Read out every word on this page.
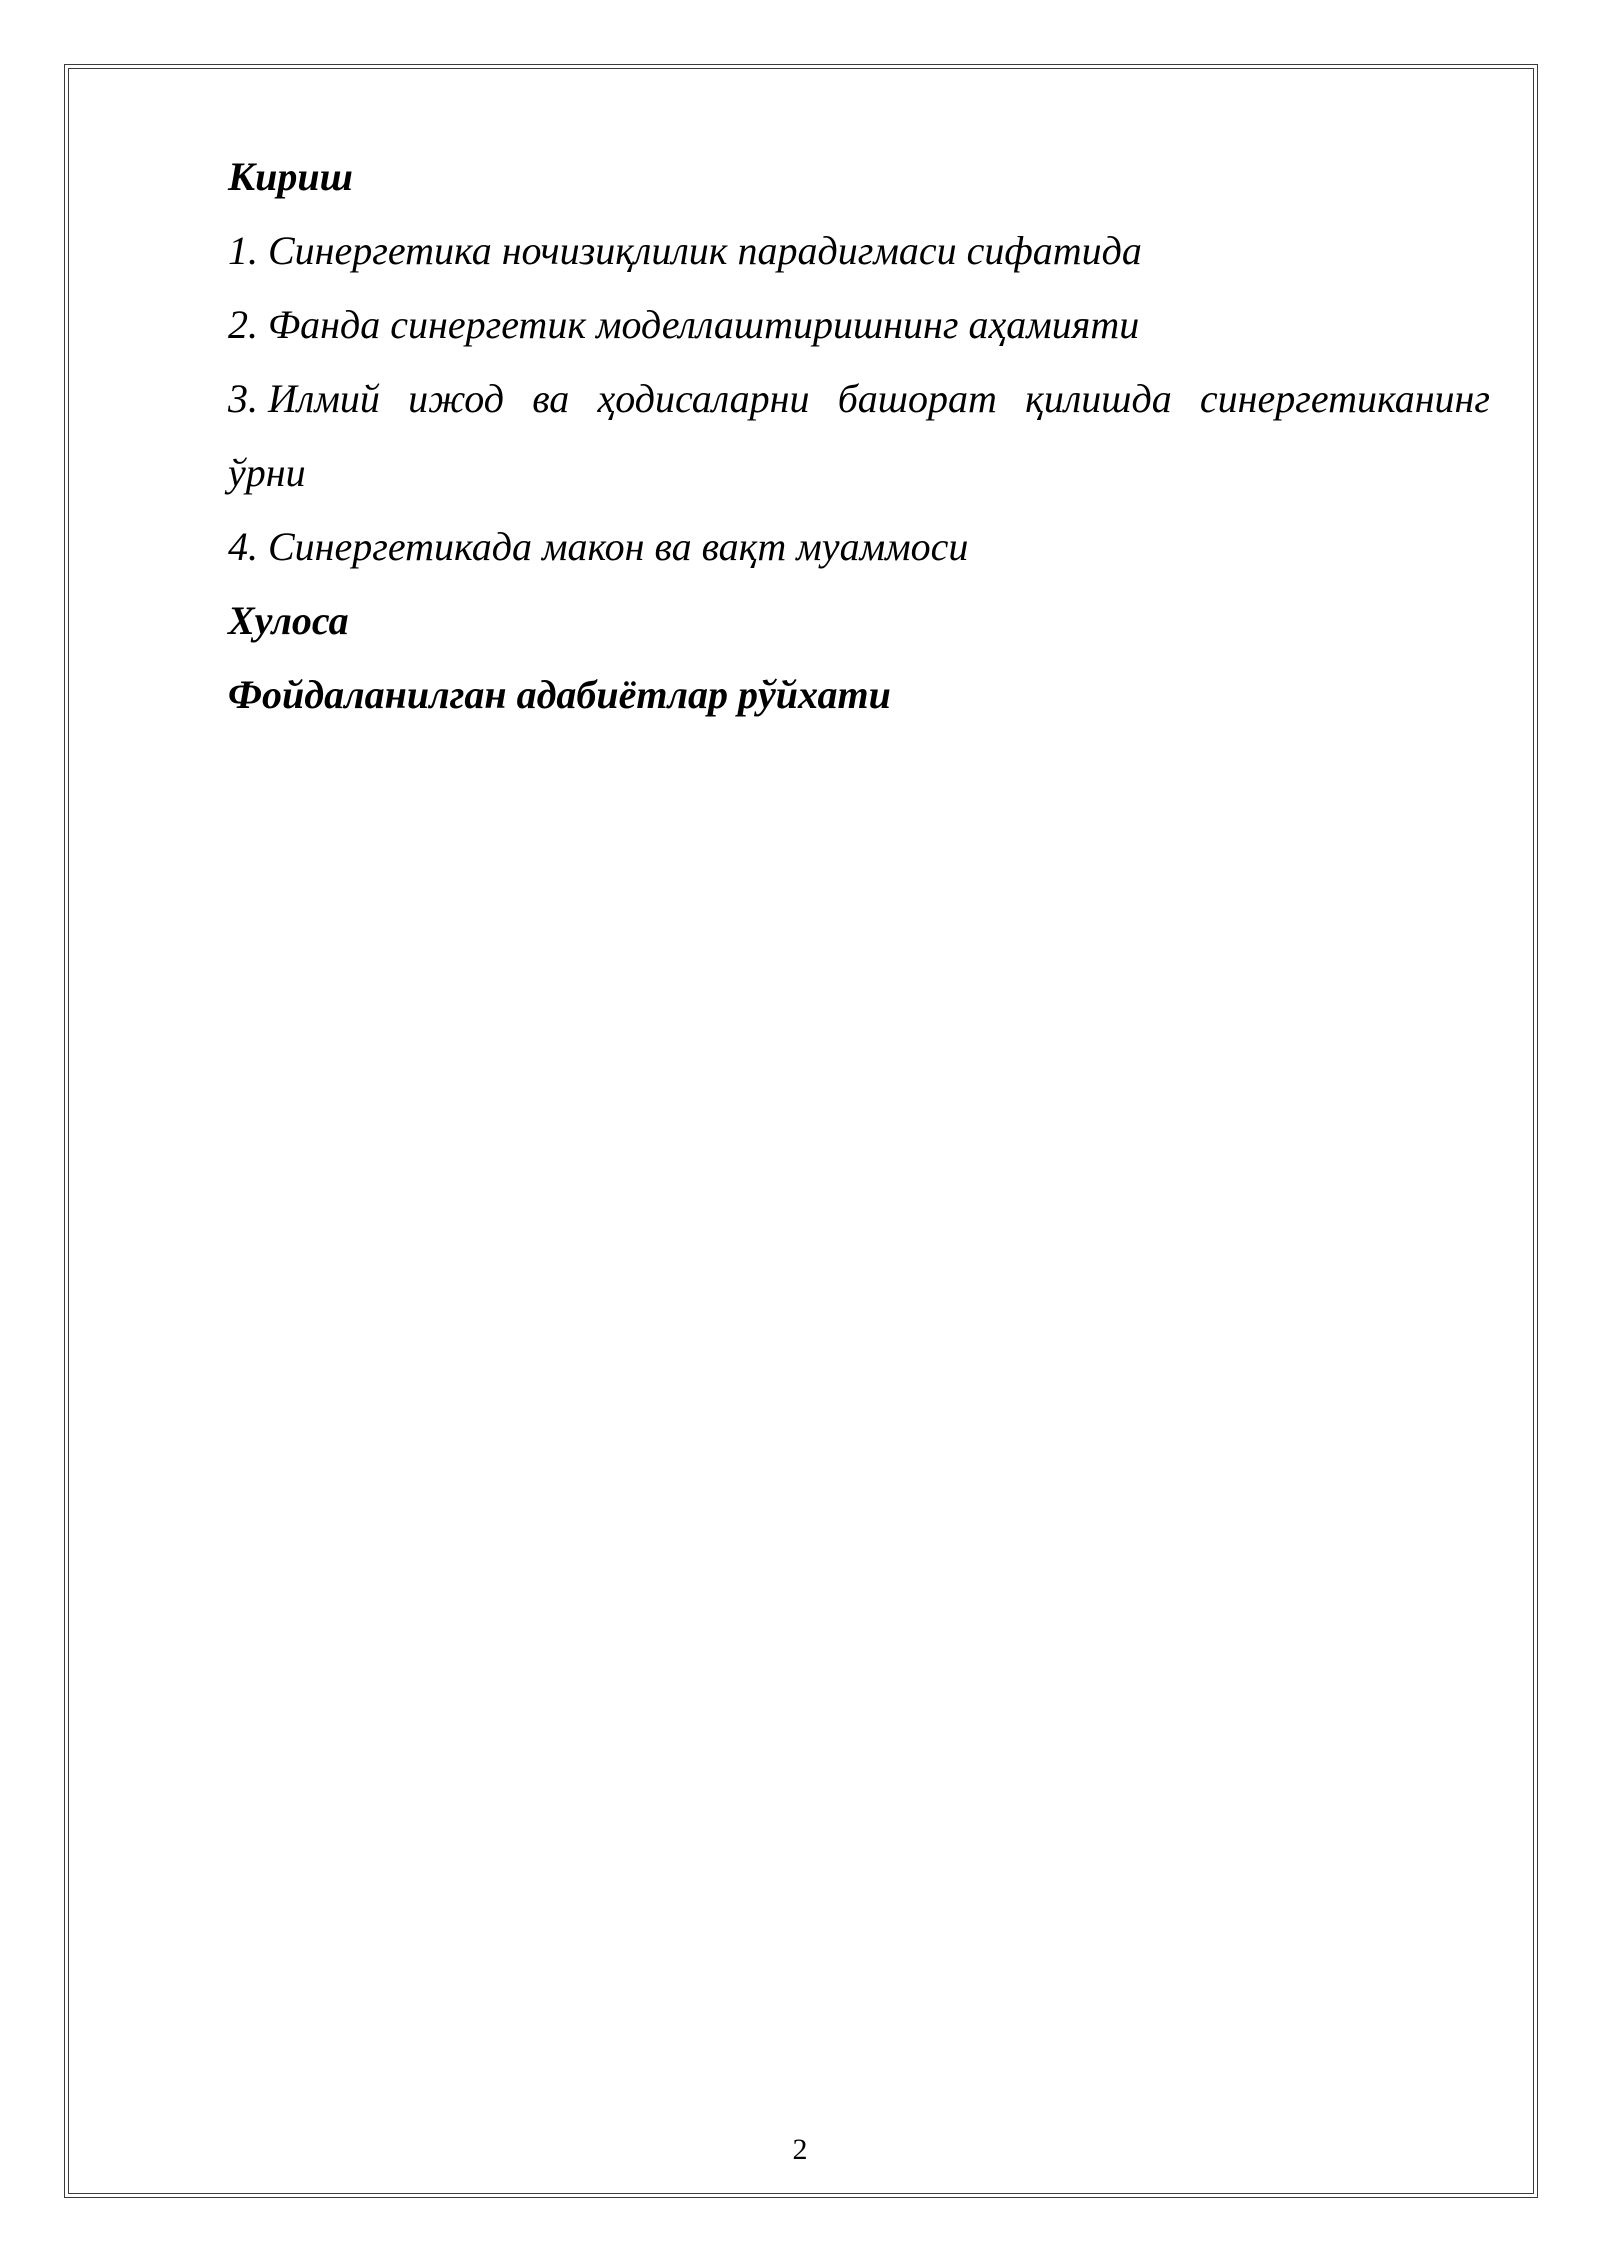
Кириш
1. Синергетика ночизиқлилик парадигмаси сифатида
2. Фанда синергетик моделлаштиришнинг аҳамияти
3. Илмий ижод ва ҳодисаларни башорат қилишда синергетиканинг
ўрни
4. Синергетикада макон ва вақт муаммоси
Хулоса
Фойдаланилган адабиётлар рўйхати
2
